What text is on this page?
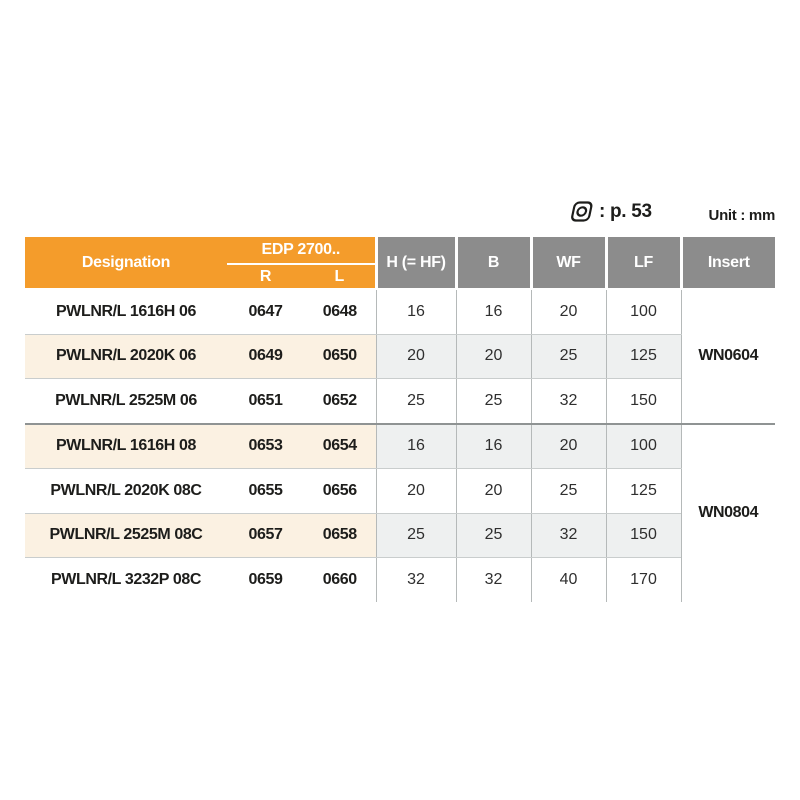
: p. 53	Unit : mm
Designation	EDP 2700..		H (= HF)	B	WF	LF	Insert
	R	L					
PWLNR/L 1616H 06	0647	0648	16	16	20	100	WN0604
PWLNR/L 2020K 06	0649	0650	20	20	25	125	
PWLNR/L 2525M 06	0651	0652	25	25	32	150	
PWLNR/L 1616H 08	0653	0654	16	16	20	100	WN0804
PWLNR/L 2020K 08C	0655	0656	20	20	25	125	
PWLNR/L 2525M 08C	0657	0658	25	25	32	150	
PWLNR/L 3232P 08C	0659	0660	32	32	40	170	
